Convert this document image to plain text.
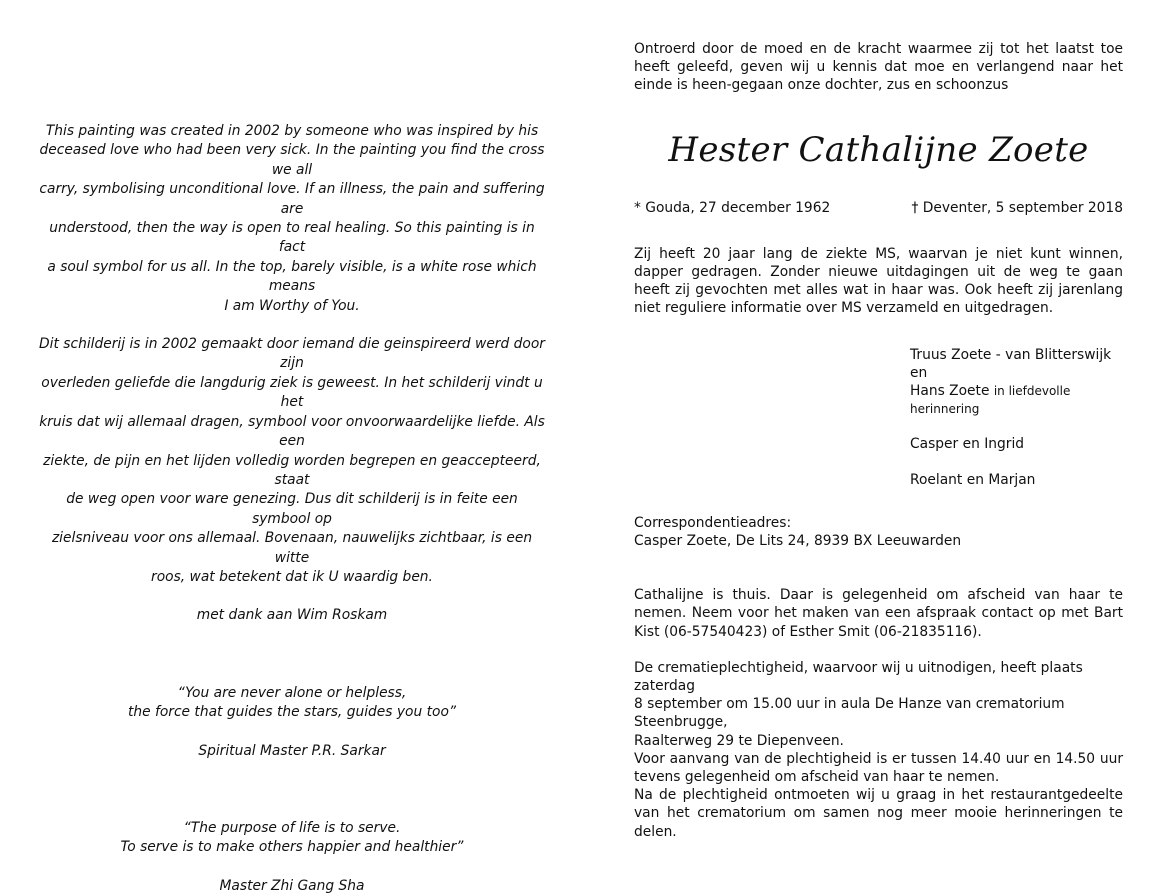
This painting was created in 2002 by someone who was inspired by his

deceased love who had been very sick. In the painting you find the cross we all

carry, symbolising unconditional love. If an illness, the pain and suffering are

understood, then the way is open to real healing. So this painting is in fact

a soul symbol for us all. In the top, barely visible, is a white rose which means

I am Worthy of You.

Dit schilderij is in 2002 gemaakt door iemand die geinspireerd werd door zijn

overleden geliefde die langdurig ziek is geweest. In het schilderij vindt u het

kruis dat wij allemaal dragen, symbool voor onvoorwaardelijke liefde. Als een

ziekte, de pijn en het lijden volledig worden begrepen en geaccepteerd, staat

de weg open voor ware genezing. Dus dit schilderij is in feite een symbool op

zielsniveau voor ons allemaal. Bovenaan, nauwelijks zichtbaar, is een witte

roos, wat betekent dat ik U waardig ben.

met dank aan Wim Roskam

“You are never alone or helpless,

the force that guides the stars, guides you too”

Spiritual Master P.R. Sarkar

“The purpose of life is to serve.

To serve is to make others happier and healthier”

Master Zhi Gang Sha

Ontroerd door de moed en de kracht waarmee zij tot het laatst toe heeft geleefd, geven wij u kennis dat moe en verlangend naar het einde is heen-gegaan onze dochter, zus en schoonzus

Hester Cathalijne Zoete
* Gouda, 27 december 1962	† Deventer, 5 september 2018

Zij heeft 20 jaar lang de ziekte MS, waarvan je niet kunt winnen, dapper gedragen. Zonder nieuwe uitdagingen uit de weg te gaan heeft zij gevochten met alles wat in haar was. Ook heeft zij jarenlang niet reguliere informatie over MS verzameld en uitgedragen.

Truus Zoete - van Blitterswijk en
Hans Zoete in liefdevolle herinnering

Casper en Ingrid

Roelant en Marjan

Correspondentieadres:

Casper Zoete, De Lits 24, 8939 BX Leeuwarden

Cathalijne is thuis. Daar is gelegenheid om afscheid van haar te nemen. Neem voor het maken van een afspraak contact op met Bart Kist (06-57540423) of Esther Smit (06-21835116).

De crematieplechtigheid, waarvoor wij u uitnodigen, heeft plaats zaterdag

8 september om 15.00 uur in aula De Hanze van crematorium Steenbrugge,

Raalterweg 29 te Diepenveen.

Voor aanvang van de plechtigheid is er tussen 14.40 uur en 14.50 uur tevens gelegenheid om afscheid van haar te nemen.

Na de plechtigheid ontmoeten wij u graag in het restaurantgedeelte van het crematorium om samen nog meer mooie herinneringen te delen.
